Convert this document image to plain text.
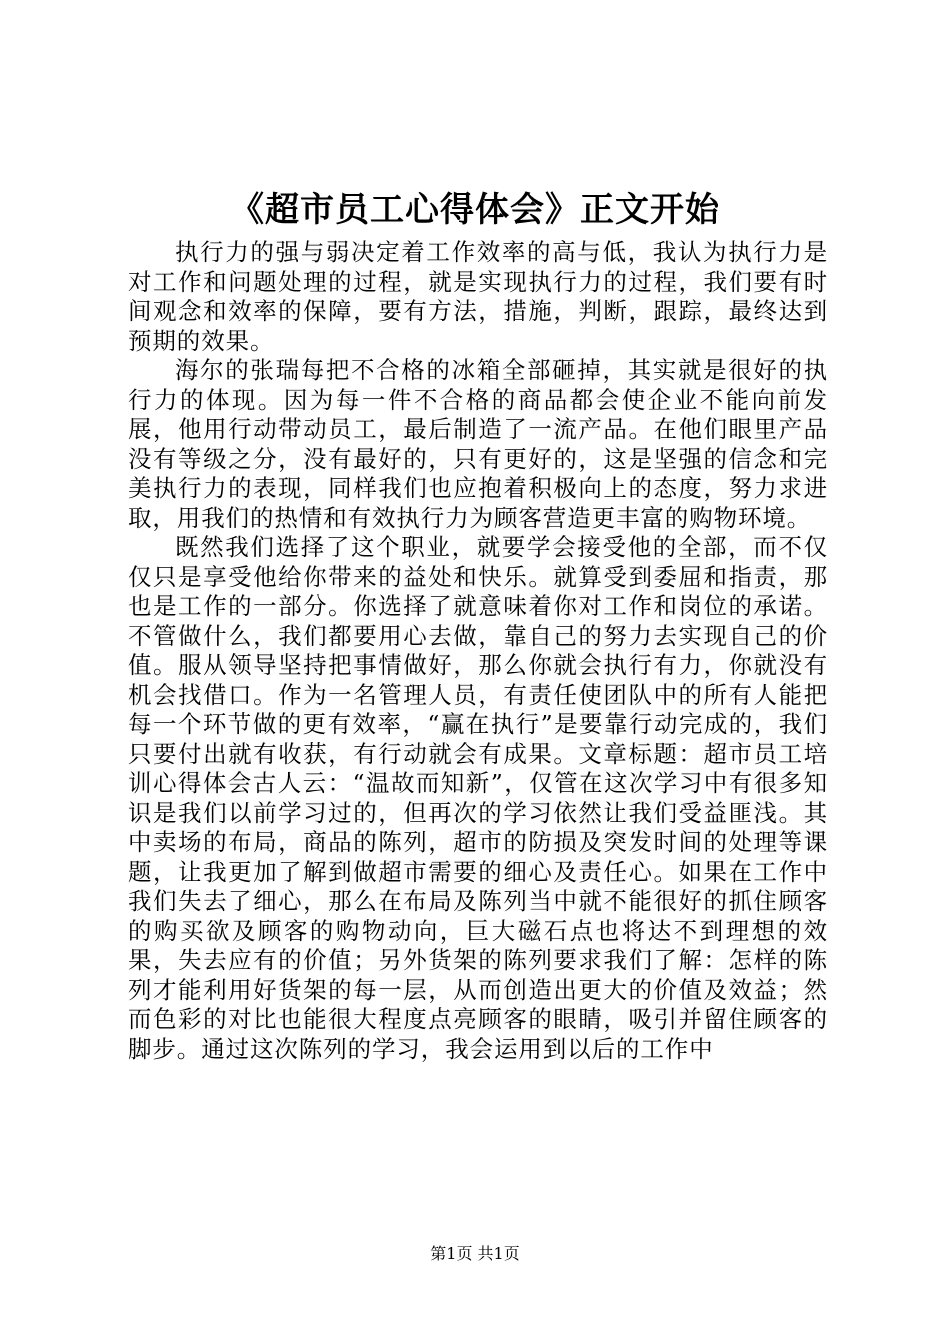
《超市员工心得体会》正文开始

执行力的强与弱决定着工作效率的高与低，我认为执行力是对工作和问题处理的过程，就是实现执行力的过程，我们要有时间观念和效率的保障，要有方法，措施，判断，跟踪，最终达到预期的效果。

海尔的张瑞每把不合格的冰箱全部砸掉，其实就是很好的执行力的体现。因为每一件不合格的商品都会使企业不能向前发展，他用行动带动员工，最后制造了一流产品。在他们眼里产品没有等级之分，没有最好的，只有更好的，这是坚强的信念和完美执行力的表现，同样我们也应抱着积极向上的态度，努力求进取，用我们的热情和有效执行力为顾客营造更丰富的购物环境。

既然我们选择了这个职业，就要学会接受他的全部，而不仅仅只是享受他给你带来的益处和快乐。就算受到委屈和指责，那也是工作的一部分。你选择了就意味着你对工作和岗位的承诺。不管做什么，我们都要用心去做，靠自己的努力去实现自己的价值。服从领导坚持把事情做好，那么你就会执行有力，你就没有机会找借口。作为一名管理人员，有责任使团队中的所有人能把每一个环节做的更有效率，“赢在执行”是要靠行动完成的，我们只要付出就有收获，有行动就会有成果。文章标题：超市员工培训心得体会古人云：“温故而知新”，仅管在这次学习中有很多知识是我们以前学习过的，但再次的学习依然让我们受益匪浅。其中卖场的布局，商品的陈列，超市的防损及突发时间的处理等课题，让我更加了解到做超市需要的细心及责任心。如果在工作中我们失去了细心，那么在布局及陈列当中就不能很好的抓住顾客的购买欲及顾客的购物动向，巨大磁石点也将达不到理想的效果，失去应有的价值；另外货架的陈列要求我们了解：怎样的陈列才能利用好货架的每一层，从而创造出更大的价值及效益；然而色彩的对比也能很大程度点亮顾客的眼睛，吸引并留住顾客的脚步。通过这次陈列的学习，我会运用到以后的工作中

第1页 共1页
